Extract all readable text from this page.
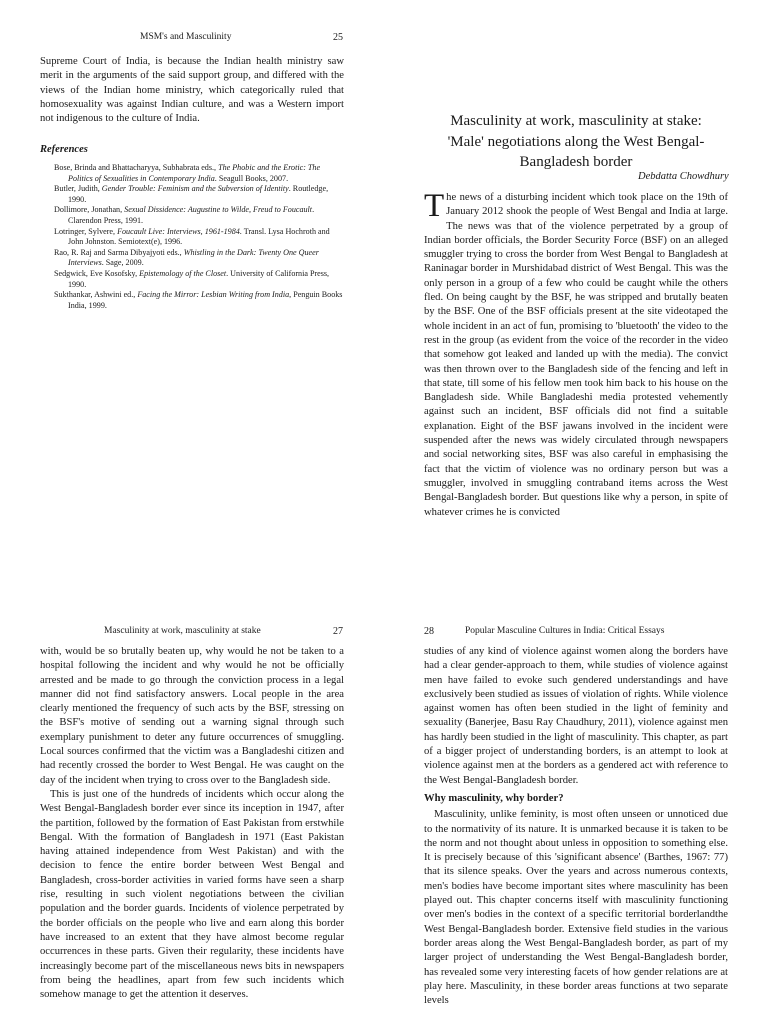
MSM's and Masculinity	25

Supreme Court of India, is because the Indian health ministry saw merit in the arguments of the said support group, and differed with the views of the Indian home ministry, which categorically ruled that homosexuality was against Indian culture, and was a Western import not indigenous to the culture of India.

References
Bose, Brinda and Bhattacharyya, Subhabrata eds., The Phobic and the Erotic: The Politics of Sexualities in Contemporary India. Seagull Books, 2007.
Butler, Judith, Gender Trouble: Feminism and the Subversion of Identity. Routledge, 1990.
Dollimore, Jonathan, Sexual Dissidence: Augustine to Wilde, Freud to Foucault. Clarendon Press, 1991.
Lotringer, Sylvere, Foucault Live: Interviews, 1961-1984. Transl. Lysa Hochroth and John Johnston. Semiotext(e), 1996.
Rao, R. Raj and Sarma Dibyajyoti eds., Whistling in the Dark: Twenty One Queer Interviews. Sage, 2009.
Sedgwick, Eve Kosofsky, Epistemology of the Closet. University of California Press, 1990.
Sukthankar, Ashwini ed., Facing the Mirror: Lesbian Writing from India, Penguin Books India, 1999.
Masculinity at work, masculinity at stake:
'Male' negotiations along the West Bengal-
Bangladesh border
Debdatta Chowdhury

The news of a disturbing incident which took place on the 19th of January 2012 shook the people of West Bengal and India at large. The news was that of the violence perpetrated by a group of Indian border officials, the Border Security Force (BSF) on an alleged smuggler trying to cross the border from West Bengal to Bangladesh at Raninagar border in Murshidabad district of West Bengal. This was the only person in a group of a few who could be caught while the others fled. On being caught by the BSF, he was stripped and brutally beaten by the BSF. One of the BSF officials present at the site videotaped the whole incident in an act of fun, promising to 'bluetooth' the video to the rest in the group (as evident from the voice of the recorder in the video that somehow got leaked and landed up with the media). The convict was then thrown over to the Bangladesh side of the fencing and left in that state, till some of his fellow men took him back to his house on the Bangladesh side. While Bangladeshi media protested vehemently against such an incident, BSF officials did not find a suitable explanation. Eight of the BSF jawans involved in the incident were suspended after the news was widely circulated through newspapers and social networking sites, BSF was also careful in emphasising the fact that the victim of violence was no ordinary person but was a smuggler, involved in smuggling contraband items across the West Bengal-Bangladesh border. But questions like why a person, in spite of whatever crimes he is convicted

Masculinity at work, masculinity at stake	27

with, would be so brutally beaten up, why would he not be taken to a hospital following the incident and why would he not be officially arrested and be made to go through the conviction process in a legal manner did not find satisfactory answers. Local people in the area clearly mentioned the frequency of such acts by the BSF, stressing on the BSF's motive of sending out a warning signal through such exemplary punishment to deter any future occurrences of smuggling. Local sources confirmed that the victim was a Bangladeshi citizen and had recently crossed the border to West Bengal. He was caught on the day of the incident when trying to cross over to the Bangladesh side.

This is just one of the hundreds of incidents which occur along the West Bengal-Bangladesh border ever since its inception in 1947, after the partition, followed by the formation of East Pakistan from erstwhile Bengal. With the formation of Bangladesh in 1971 (East Pakistan having attained independence from West Pakistan) and with the decision to fence the entire border between West Bengal and Bangladesh, cross-border activities in varied forms have seen a sharp rise, resulting in such violent negotiations between the civilian population and the border guards. Incidents of violence perpetrated by the border officials on the people who live and earn along this border have increased to an extent that they have almost become regular occurrences in these parts. Given their regularity, these incidents have increasingly become part of the miscellaneous news bits in newspapers from being the headlines, apart from few such incidents which somehow manage to get the attention it deserves.

28	Popular Masculine Cultures in India: Critical Essays

studies of any kind of violence against women along the borders have had a clear gender-approach to them, while studies of violence against men have failed to evoke such gendered understandings and have exclusively been studied as issues of violation of rights. While violence against women has often been studied in the light of feminity and sexuality (Banerjee, Basu Ray Chaudhury, 2011), violence against men has hardly been studied in the light of masculinity. This chapter, as part of a bigger project of understanding borders, is an attempt to look at violence against men at the borders as a gendered act with reference to the West Bengal-Bangladesh border.

Why masculinity, why border?

Masculinity, unlike feminity, is most often unseen or unnoticed due to the normativity of its nature. It is unmarked because it is taken to be the norm and not thought about unless in opposition to something else. It is precisely because of this 'significant absence' (Barthes, 1967: 77) that its silence speaks. Over the years and across numerous contexts, men's bodies have become important sites where masculinity has been played out. This chapter concerns itself with masculinity functioning over men's bodies in the context of a specific territorial borderlandthe West Bengal-Bangladesh border. Extensive field studies in the various border areas along the West Bengal-Bangladesh border, as part of my larger project of understanding the West Bengal-Bangladesh border, has revealed some very interesting facets of how gender relations are at play here. Masculinity, in these border areas functions at two separate levels
